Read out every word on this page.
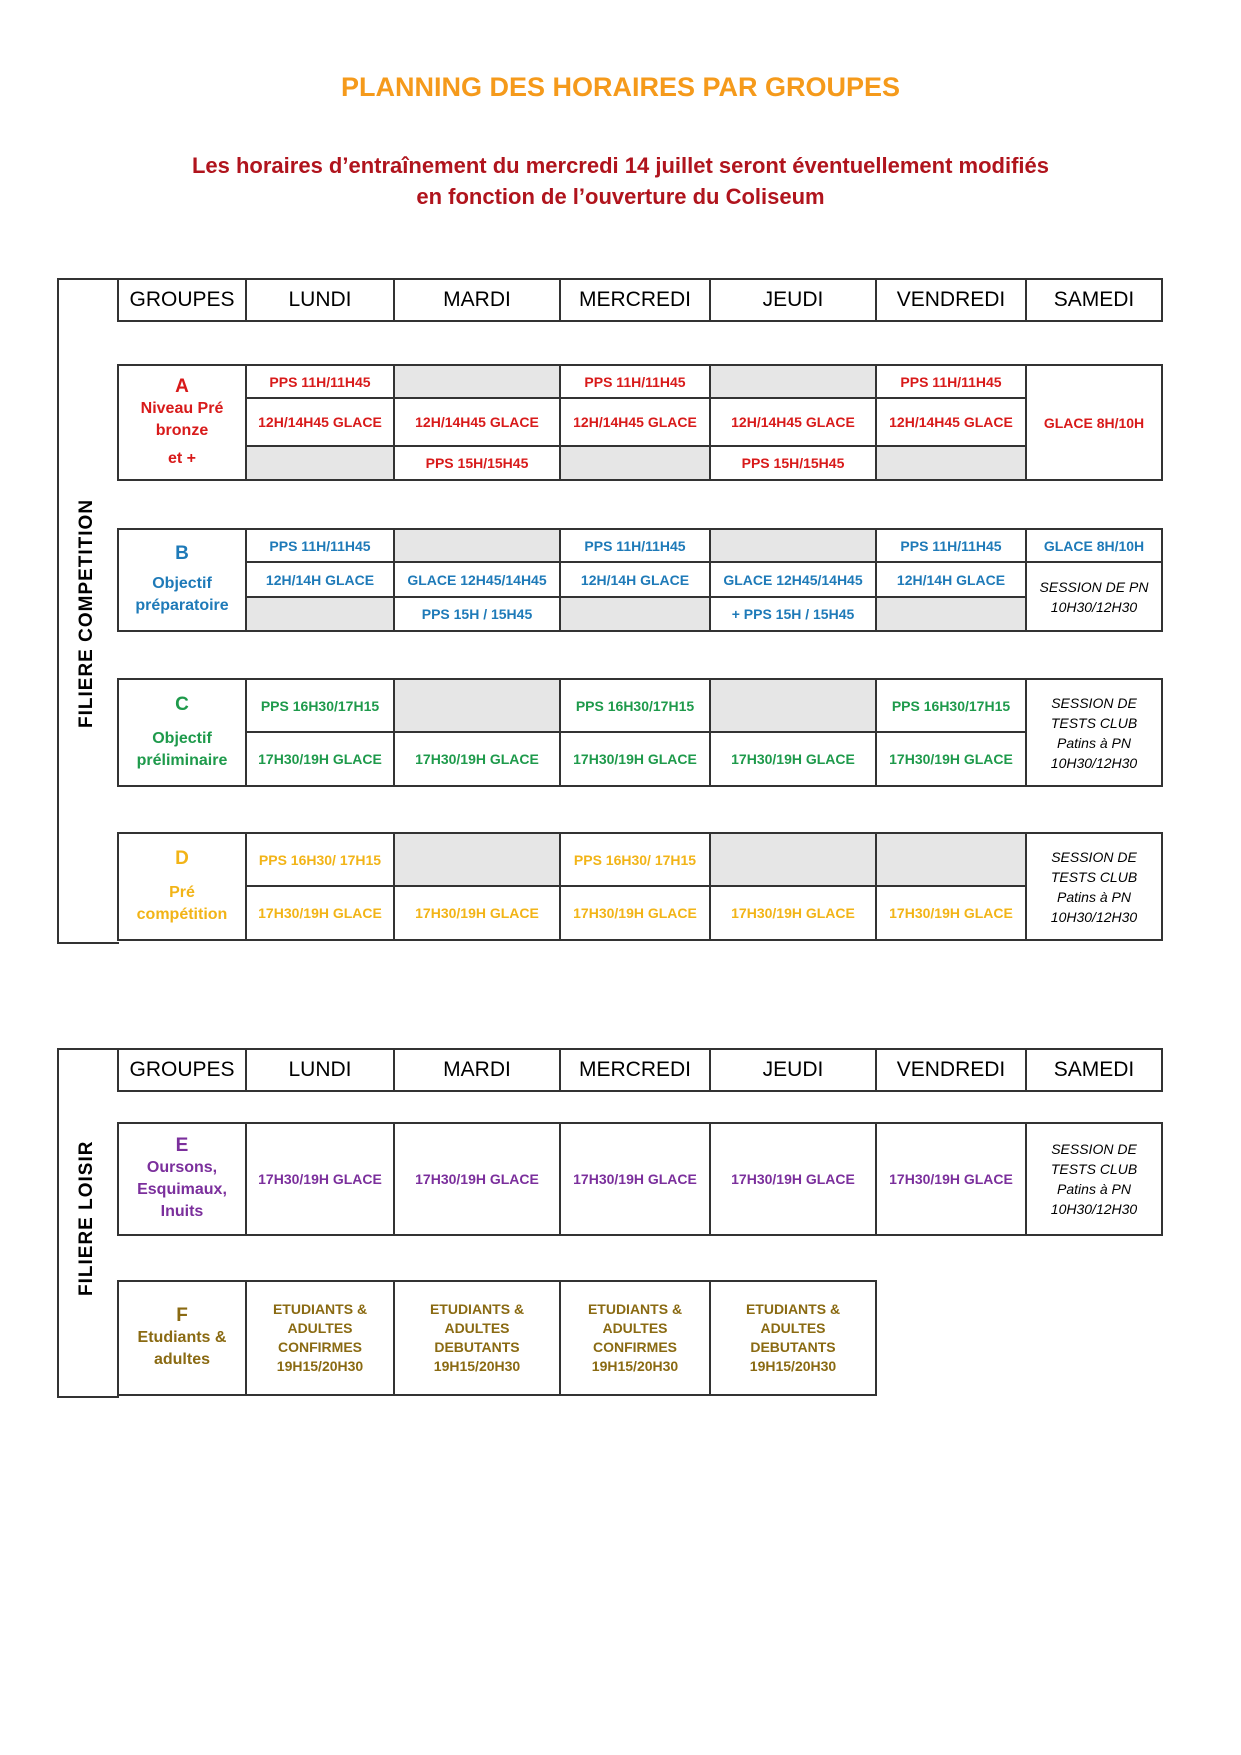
PLANNING DES HORAIRES PAR GROUPES
Les horaires d’entraînement du mercredi 14 juillet seront éventuellement modifiés
en fonction de l’ouverture du Coliseum
FILIERE COMPETITION
GROUPES	LUNDI	MARDI	MERCREDI	JEUDI	VENDREDI	SAMEDI
A
Niveau Pré
bronze
et +	PPS 11H/11H45		PPS 11H/11H45		PPS 11H/11H45	GLACE 8H/10H
	12H/14H45 GLACE	12H/14H45 GLACE	12H/14H45 GLACE	12H/14H45 GLACE	12H/14H45 GLACE	
		PPS 15H/15H45		PPS 15H/15H45		
B
Objectif
préparatoire	PPS 11H/11H45		PPS 11H/11H45		PPS 11H/11H45	GLACE 8H/10H
	12H/14H GLACE	GLACE 12H45/14H45	12H/14H GLACE	GLACE 12H45/14H45	12H/14H GLACE	SESSION DE PN
10H30/12H30
		PPS 15H / 15H45		+ PPS 15H / 15H45		
C
Objectif
préliminaire	PPS 16H30/17H15		PPS 16H30/17H15		PPS 16H30/17H15	SESSION DE
TESTS CLUB
Patins à PN
10H30/12H30
	17H30/19H GLACE	17H30/19H GLACE	17H30/19H GLACE	17H30/19H GLACE	17H30/19H GLACE	
D
Pré
compétition	PPS 16H30/ 17H15		PPS 16H30/ 17H15			SESSION DE
TESTS CLUB
Patins à PN
10H30/12H30
	17H30/19H GLACE	17H30/19H GLACE	17H30/19H GLACE	17H30/19H GLACE	17H30/19H GLACE	
FILIERE LOISIR
GROUPES	LUNDI	MARDI	MERCREDI	JEUDI	VENDREDI	SAMEDI
E
Oursons,
Esquimaux,
Inuits	17H30/19H GLACE	17H30/19H GLACE	17H30/19H GLACE	17H30/19H GLACE	17H30/19H GLACE	SESSION DE
TESTS CLUB
Patins à PN
10H30/12H30
F
Etudiants &
adultes	ETUDIANTS &
ADULTES
CONFIRMES
19H15/20H30	ETUDIANTS &
ADULTES
DEBUTANTS
19H15/20H30	ETUDIANTS &
ADULTES
CONFIRMES
19H15/20H30	ETUDIANTS &
ADULTES
DEBUTANTS
19H15/20H30
